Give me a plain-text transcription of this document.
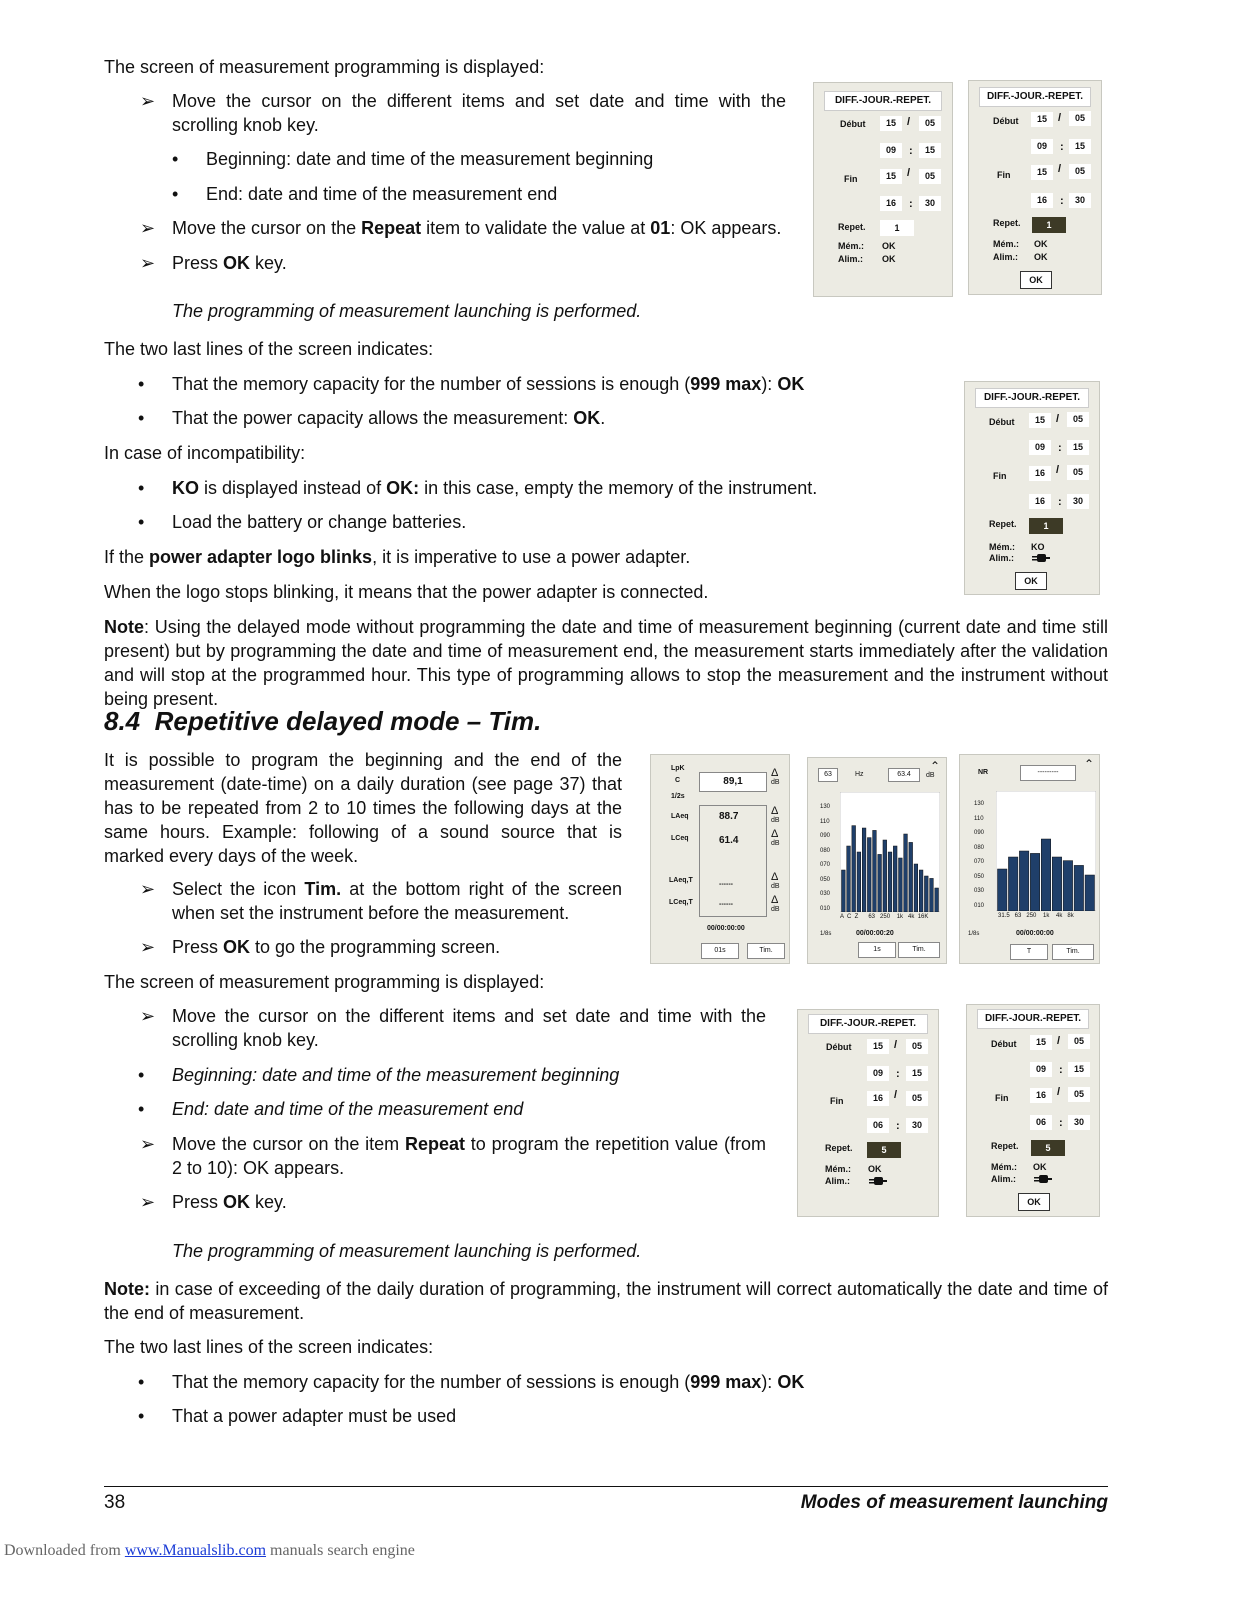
The screen of measurement programming is displayed:
➢ Move the cursor on the different items and set date and time with the scrolling knob key.
• Beginning: date and time of the measurement beginning
• End: date and time of the measurement end
➢ Move the cursor on the Repeat item to validate the value at 01: OK appears.
➢ Press OK key.
The programming of measurement launching is performed.
The two last lines of the screen indicates:
• That the memory capacity for the number of sessions is enough (999 max): OK
• That the power capacity allows the measurement: OK.
In case of incompatibility:
• KO is displayed instead of OK: in this case, empty the memory of the instrument.
• Load the battery or change batteries.
If the power adapter logo blinks, it is imperative to use a power adapter.
When the logo stops blinking, it means that the power adapter is connected.
Note: Using the delayed mode without programming the date and time of measurement beginning (current date and time still present) but by programming the date and time of measurement end, the measurement starts immediately after the validation and will stop at the programmed hour. This type of programming allows to stop the measurement and the instrument without being present.
8.4  Repetitive delayed mode – Tim.
It is possible to program the beginning and the end of the measurement (date-time) on a daily duration (see page 37) that has to be repeated from 2 to 10 times the following days at the same hours. Example: following of a sound source that is marked every days of the week.
➢ Select the icon Tim. at the bottom right of the screen when set the instrument before the measurement.
➢ Press OK to go the programming screen.
The screen of measurement programming is displayed:
➢ Move the cursor on the different items and set date and time with the scrolling knob key.
• Beginning: date and time of the measurement beginning
• End: date and time of the measurement end
➢ Move the cursor on the item Repeat to program the repetition value (from 2 to 10): OK appears.
➢ Press OK key.
The programming of measurement launching is performed.
Note: in case of exceeding of the daily duration of programming, the instrument will correct automatically the date and time of the end of measurement.
The two last lines of the screen indicates:
• That the memory capacity for the number of sessions is enough (999 max): OK
• That a power adapter must be used
DIFF.-JOUR.-REPET.
Début	15	/	05
09	:	15
Fin	15	/	05
16	:	30
Repet.	1
Mém.: OK
Alim.: OK
DIFF.-JOUR.-REPET.
Début	15	/	05
09	:	15
Fin	15	/	05
16	:	30
Repet.	1
Mém.: OK
Alim.: OK
OK
DIFF.-JOUR.-REPET.
Début	15	/	05
09	:	15
Fin	16	/	05
16	:	30
Repet.	1
Mém.: KO
Alim.:
OK
DIFF.-JOUR.-REPET.
Début	15	/	05
09	:	15
Fin	16	/	05
06	:	30
Repet.	5
Mém.: OK
Alim.:
DIFF.-JOUR.-REPET.
Début	15	/	05
09	:	15
Fin	16	/	05
06	:	30
Repet.	5
Mém.: OK
Alim.:
OK
LpK
C	89,1
Δ
dB
1/2s
LAeq	88.7	Δ
dB
LCeq	61.4
Δ
dB
LAeq,T
------
Δ
dB
LCeq,T	------	Δ
dB
00/00:00:00
01s	Tim.
63	Hz	63.4	dB
⌃
130
110
090
080
070
050
030
010
A  C  Z      63   250    1k   4k  16K
1/8s	00/00:00:20
1s	Tim.
NR	---------
⌃
130
110
090
080
070
050
030
010
31.5   63   250    1k    4k   8k
1/8s	00/00:00:00
T	Tim.
38	Modes of measurement launching
Downloaded from www.Manualslib.com manuals search engine
